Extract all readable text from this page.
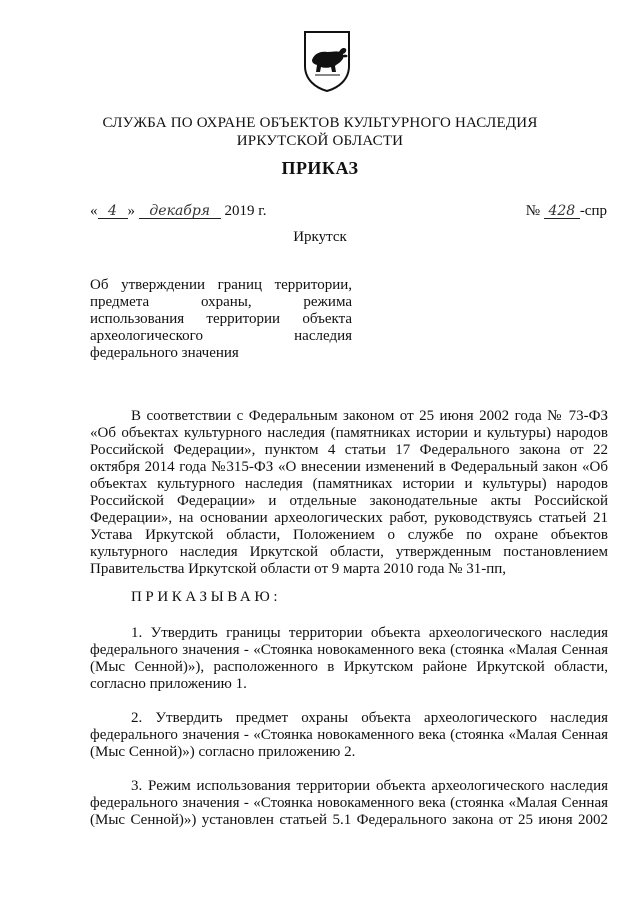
СЛУЖБА ПО ОХРАНЕ ОБЪЕКТОВ КУЛЬТУРНОГО НАСЛЕДИЯ
ИРКУТСКОЙ ОБЛАСТИ
ПРИКАЗ
« 4 » декабря 2019 г.	№ 428 -спр
Иркутск
Об утверждении границ территории,
предмета охраны, режима
использования территории объекта
археологического наследия
федерального значения
В соответствии с Федеральным законом от 25 июня 2002 года № 73-ФЗ
«Об объектах культурного наследия (памятниках истории и культуры) народов
Российской Федерации», пунктом 4 статьи 17 Федерального закона от 22
октября 2014 года №315-ФЗ «О внесении изменений в Федеральный закон «Об
объектах культурного наследия (памятниках истории и культуры) народов
Российской Федерации» и отдельные законодательные акты Российской
Федерации», на основании археологических работ, руководствуясь статьей 21
Устава Иркутской области, Положением о службе по охране объектов
культурного наследия Иркутской области, утвержденным постановлением
Правительства Иркутской области от 9 марта 2010 года № 31-пп,
ПРИКАЗЫВАЮ:
1. Утвердить границы территории объекта археологического наследия
федерального значения - «Стоянка новокаменного века (стоянка «Малая Сенная
(Мыс Сенной)»), расположенного в Иркутском районе Иркутской области,
согласно приложению 1.
2. Утвердить предмет охраны объекта археологического наследия
федерального значения - «Стоянка новокаменного века (стоянка «Малая Сенная
(Мыс Сенной)») согласно приложению 2.
3. Режим использования территории объекта археологического наследия
федерального значения - «Стоянка новокаменного века (стоянка «Малая Сенная
(Мыс Сенной)») установлен статьей 5.1 Федерального закона от 25 июня 2002
